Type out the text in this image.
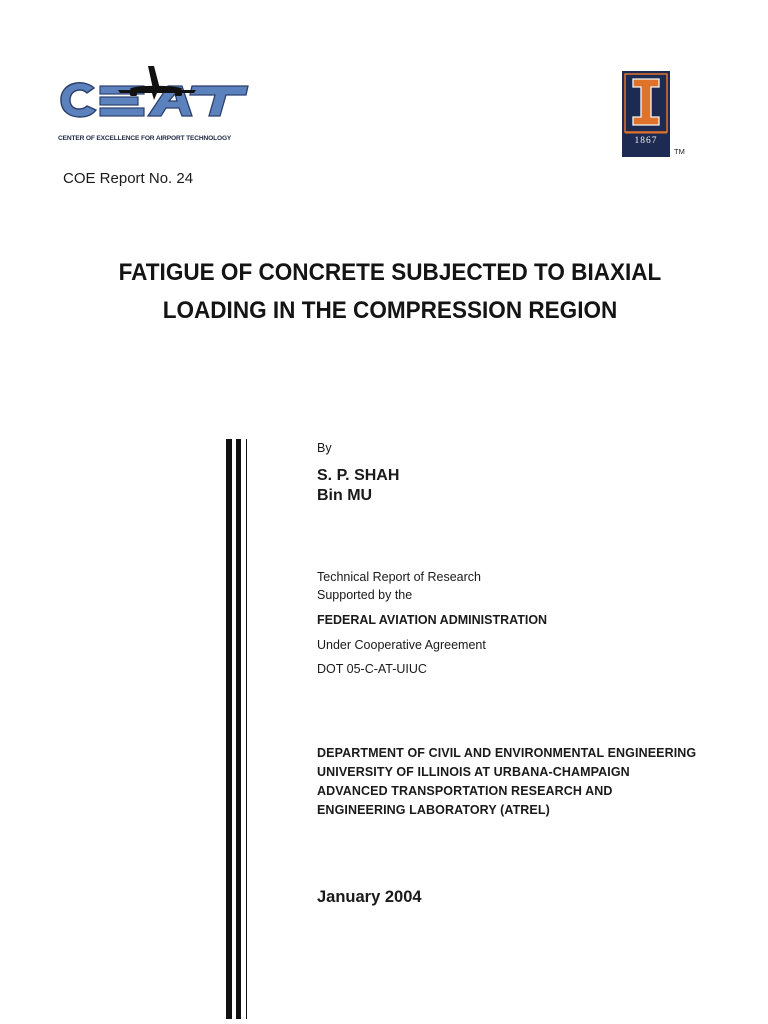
CENTER OF EXCELLENCE FOR AIRPORT TECHNOLOGY	1867
TM
COE Report No. 24
FATIGUE OF CONCRETE SUBJECTED TO BIAXIAL
LOADING IN THE COMPRESSION REGION
By
S. P. SHAH
Bin MU
Technical Report of Research
Supported by the
FEDERAL AVIATION ADMINISTRATION
Under Cooperative Agreement
DOT 05-C-AT-UIUC
DEPARTMENT OF CIVIL AND ENVIRONMENTAL ENGINEERING
UNIVERSITY OF ILLINOIS AT URBANA-CHAMPAIGN
ADVANCED TRANSPORTATION RESEARCH AND
ENGINEERING LABORATORY (ATREL)
January 2004
